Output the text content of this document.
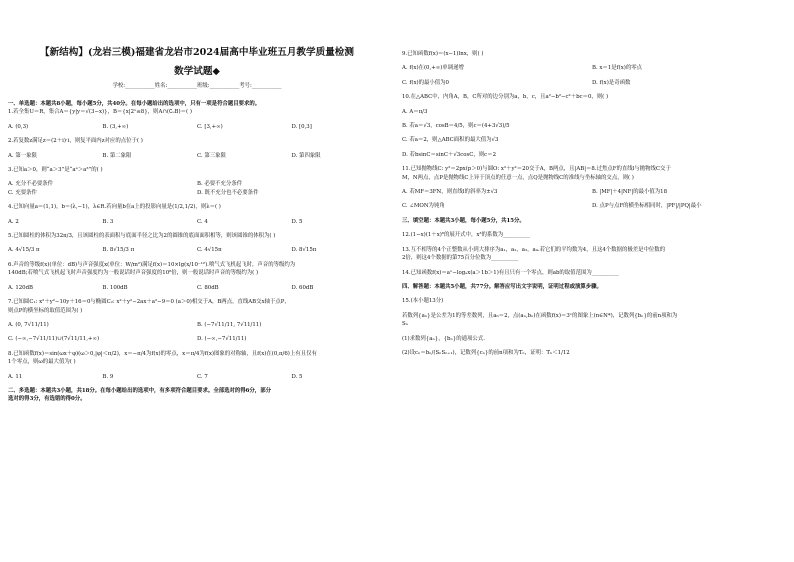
【新结构】(龙岩三模)福建省龙岩市2024届高中毕业班五月教学质量检测
数学试题◆
学校:___________姓名:___________班级:___________考号:___________
一、单选题：本题共8小题，每小题5分，共40分。在每小题给出的选项中，只有一项是符合题目要求的。
1.若全集U＝R，集合A＝{y|y＝√(3−x)}，B＝{x|2ˣ≤8}，则A∩(∁ᵤB)＝( )
A. (0,3)	B. (3,+∞)	C. [3,+∞)	D. [0,3]
2.若复数z满足z＝(2＋i)·i，则复平面内z对应的点位于( )
A. 第一象限	B. 第二象限	C. 第三象限	D. 第四象限
3.已知a＞0，则“a＞3”是“aᵃ＞a³”的( )
A. 充分不必要条件	B. 必要不充分条件
C. 充要条件	D. 既不充分也不必要条件
4.已知向量a＝(1,1)，b＝(λ,−1)，λ∈R.若向量b在a上的投影向量是(1/2,1/2)，则λ＝( )
A. 2	B. 3	C. 4	D. 5
5.已知圆柱的体积为32π/3，且该圆柱的表面积与底面半径之比为2的圆锥的底面面积相等，则该圆锥的体积为( )
A. 4√15/3 π	B. 8√15/3 π	C. 4√15π	D. 8√15π
6.声音的等级f(x)(单位：dB)与声音强度x(单位：W/m²)满足f(x)＝10×lg(x/10⁻¹²).喷气式飞机起飞时，声音的等级约为
140dB;若喷气式飞机起飞时声音强度约为一般说话时声音强度的10⁸倍，则一般说话时声音的等级约为( )
A. 120dB	B. 100dB	C. 80dB	D. 60dB
7.已知圆C₁: x²＋y²−10y＋16＝0与椭圆C₂: x²＋y²−2ax＋a²−9＝0 (a＞0)相交于A，B两点，直线AB交x轴于点P，
则点P的横坐标的取值范围为( )
A. (0, 7√11/11)	B. (−7√11/11, 7√11/11)
C. (−∞,−7√11/11)∪(7√11/11,+∞)	D. (−∞,−7√11/11)
8.已知函数f(x)＝sin(ωx＋φ)(ω＞0,|φ|＜π/2)，x＝−π/4为f(x)的零点，x＝π/4为f(x)图象的对称轴，且f(x)在(0,π/6)上有且仅有
1个零点，则ω的最大值为( )
A. 11	B. 9	C. 7	D. 5
二、多选题：本题共3小题，共18分。在每小题给出的选项中，有多项符合题目要求。全部选对的得6分，部分
选对的得3分，有选错的得0分。
9.已知函数f(x)＝(x−1)lnx，则( )
A. f(x)在(0,+∞)单调递增	B. x＝1是f(x)的零点
C. f(x)的最小值为0	D. f(x)是奇函数
10.在△ABC中，内角A，B，C所对的边分别为a，b，c，且a²−b²−c²＋bc＝0，则( )
A. A＝π/3
B. 若a＝√3，cosB＝4/5，则c＝(4+3√3)/5
C. 若a＝2，则△ABC面积的最大值为√3
D. 若bsinC＝sinC＋√3cosC，则c＝2
11.已知抛物线C: y²＝2px(p＞0)与圆O: x²＋y²＝20交于A，B两点，且|AB|＝8.过焦点F的直线l与抛物线C交于
M，N两点，点P是抛物线C上异于顶点的任意一点，点Q是抛物线C的准线与坐标轴的交点，则( )
A. 若MF＝3FN，则直线l的斜率为±√3	B. |MF|＋4|NF|的最小值为18
C. ∠MON为钝角	D. 点P与点F的横坐标相同时，|PF|/|PQ|最小
三、填空题：本题共3小题，每小题5分，共15分。
12.(1−x)(1＋x)⁶的展开式中，x³的系数为__________
13.互不相等的4个正整数从小到大排序为a₁，a₂，a₃，a₄.若它们的平均数为4，且这4个数据的极差是中位数的
2倍，则这4个数据的第75百分位数为__________
14.已知函数f(x)＝aˣ−logₐx(a＞1b＞1)有且只有一个零点，则ab的取值范围为__________
四、解答题：本题共5小题，共77分。解答应写出文字说明，证明过程或演算步骤。
15.(本小题13分)
若数列{aₙ}是公差为1的等差数列，且a₆＝2，点(aₙ,bₙ)在函数f(x)＝3ˣ的图象上(n∈N*)，记数列{bₙ}的前n项和为
Sₙ
(1)求数列{aₙ}，{bₙ}的通项公式.
(2)设cₙ＝bₙ/(SₙSₙ₊₁)，记数列{cₙ}的前n项和为Tₙ，证明：Tₙ＜1/12
